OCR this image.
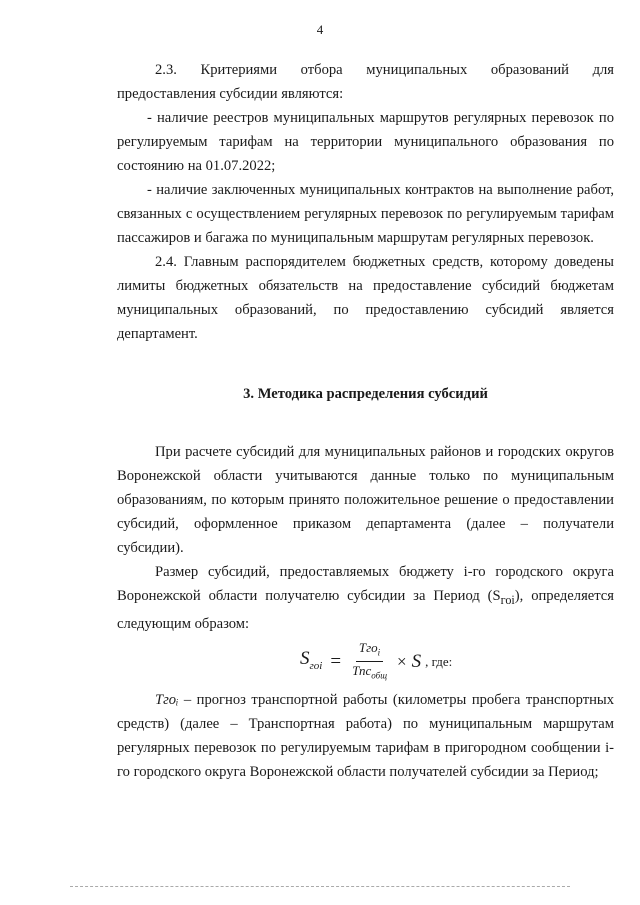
4

2.3. Критериями отбора муниципальных образований для предоставления субсидии являются:

- наличие реестров муниципальных маршрутов регулярных перевозок по регулируемым тарифам на территории муниципального образования по состоянию на 01.07.2022;

- наличие заключенных муниципальных контрактов на выполнение работ, связанных с осуществлением регулярных перевозок по регулируемым тарифам пассажиров и багажа по муниципальным маршрутам регулярных перевозок.

2.4. Главным распорядителем бюджетных средств, которому доведены лимиты бюджетных обязательств на предоставление субсидий бюджетам муниципальных образований, по предоставлению субсидий является департамент.

3. Методика распределения субсидий

При расчете субсидий для муниципальных районов и городских округов Воронежской области учитываются данные только по муниципальным образованиям, по которым принято положительное решение о предоставлении субсидий, оформленное приказом департамента (далее – получатели субсидии).

Размер субсидий, предоставляемых бюджету i-го городского округа Воронежской области получателю субсидии за Период $(S_{гоi})$, определяется следующим образом:

$S_{гоi} = \frac{Тго_i}{Тпс_{общ}} \times S$ , где:

Тгоᵢ – прогноз транспортной работы (километры пробега транспортных средств) (далее – Транспортная работа) по муниципальным маршрутам регулярных перевозок по регулируемым тарифам в пригородном сообщении i-го городского округа Воронежской области получателей субсидии за Период;
